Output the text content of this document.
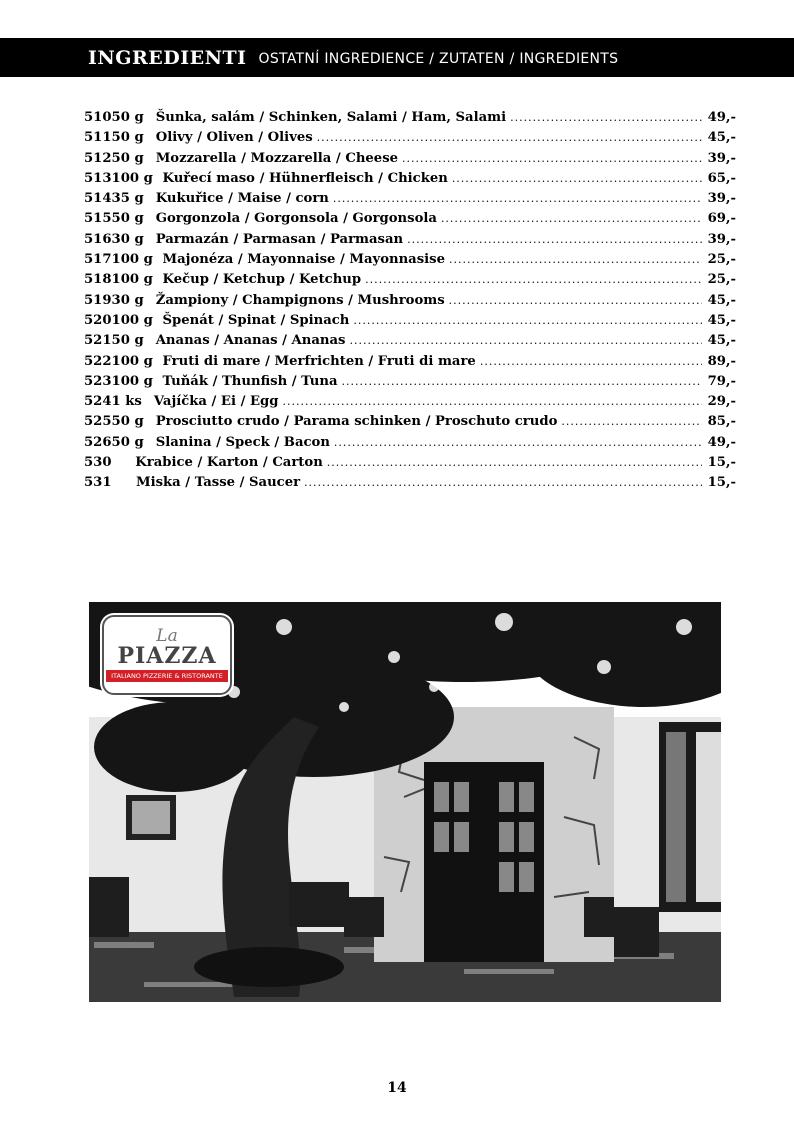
INGREDIENTI OSTATNÍ INGREDIENCE / ZUTATEN / INGREDIENTS
510 50 g Šunka, salám / Schinken, Salami / Ham, Salami .....	49,-
511 50 g Olivy / Oliven / Olives .....	45,-
512 50 g Mozzarella / Mozzarella / Cheese .....	39,-
513 100 g Kuřecí maso / Hühnerfleisch / Chicken .....	65,-
514 35 g Kukuřice / Maise / corn .....	39,-
515 50 g Gorgonzola / Gorgonsola / Gorgonsola .....	69,-
516 30 g Parmazán / Parmasan / Parmasan .....	39,-
517 100 g Majonéza / Mayonnaise / Mayonnasise .....	25,-
518 100 g Kečup / Ketchup / Ketchup .....	25,-
519 30 g Žampiony / Champignons / Mushrooms .....	45,-
520 100 g Špenát / Spinat / Spinach .....	45,-
521 50 g Ananas / Ananas / Ananas .....	45,-
522 100 g Fruti di mare / Merfrichten / Fruti di mare .....	89,-
523 100 g Tuňák / Thunfish / Tuna .....	79,-
524 1 ks Vajíčka / Ei / Egg .....	29,-
525 50 g Prosciutto crudo / Parama schinken / Proschuto crudo .....	85,-
526 50 g Slanina / Speck / Bacon .....	49,-
530 Krabice / Karton / Carton .....	15,-
531 Miska / Tasse / Saucer .....	15,-
La
PIAZZA
ITALIANO PIZZERIE & RISTORANTE
14
